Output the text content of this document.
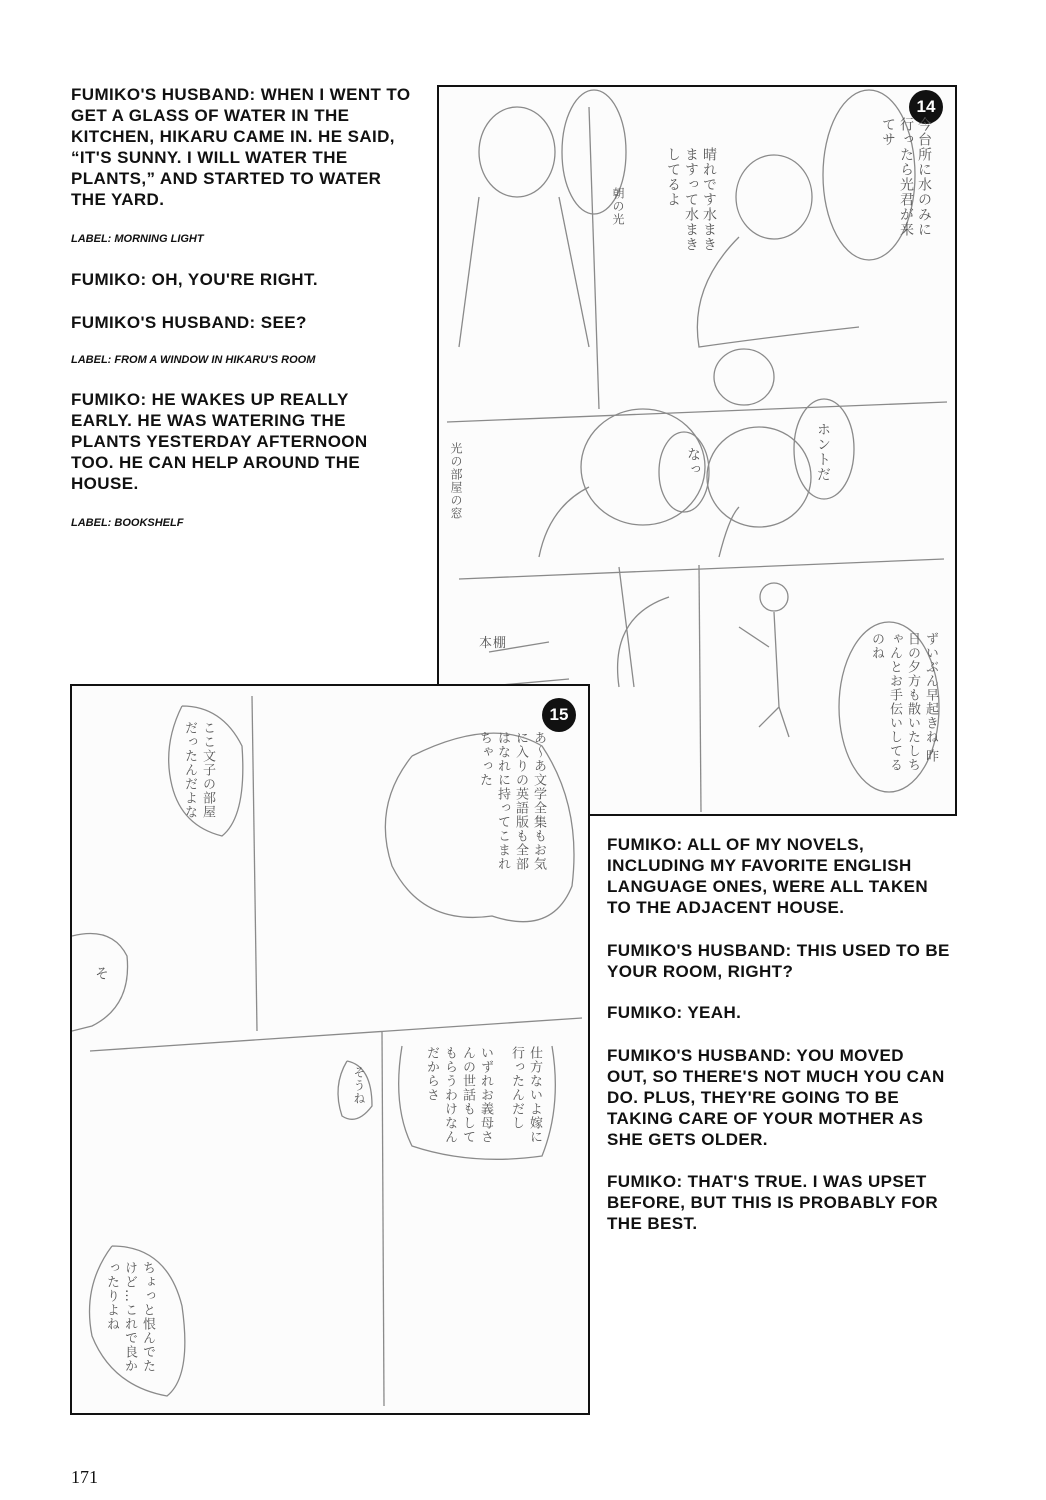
FUMIKO'S HUSBAND: WHEN I WENT TO GET A GLASS OF WATER IN THE KITCHEN, HIKARU CAME IN. HE SAID, “IT'S SUNNY. I WILL WATER THE PLANTS,” AND STARTED TO WATER THE YARD.

LABEL: MORNING LIGHT

FUMIKO: OH, YOU'RE RIGHT.

FUMIKO'S HUSBAND: SEE?

LABEL: FROM A WINDOW IN HIKARU'S ROOM

FUMIKO: HE WAKES UP REALLY EARLY. HE WAS WATERING THE PLANTS YESTERDAY AFTERNOON TOO. HE CAN HELP AROUND THE HOUSE.

LABEL: BOOKSHELF

14
今台所に水のみに行ったら光君が来てサ
晴れです水まきますって水まきしてるよ
朝の光
ホントだ
なっ
光の部屋の窓
ずいぶん早起きね 昨日の夕方も散いたしちゃんとお手伝いしてるのね
本棚
15
あ〜あ文学全集もお気に入りの英語版も全部はなれに持ってこまれちゃった
ここ文子の部屋だったんだよな
そ
仕方ないよ嫁に行ったんだし
いずれお義母さんの世話もしてもらうわけなんだからさ
そうね
ちょっと恨んでたけど…これで良かったりよね

FUMIKO: ALL OF MY NOVELS, INCLUDING MY FAVORITE ENGLISH LANGUAGE ONES, WERE ALL TAKEN TO THE ADJACENT HOUSE.

FUMIKO'S HUSBAND: THIS USED TO BE YOUR ROOM, RIGHT?

FUMIKO: YEAH.

FUMIKO'S HUSBAND: YOU MOVED OUT, SO THERE'S NOT MUCH YOU CAN DO. PLUS, THEY'RE GOING TO BE TAKING CARE OF YOUR MOTHER AS SHE GETS OLDER.

FUMIKO: THAT'S TRUE. I WAS UPSET BEFORE, BUT THIS IS PROBABLY FOR THE BEST.

171
